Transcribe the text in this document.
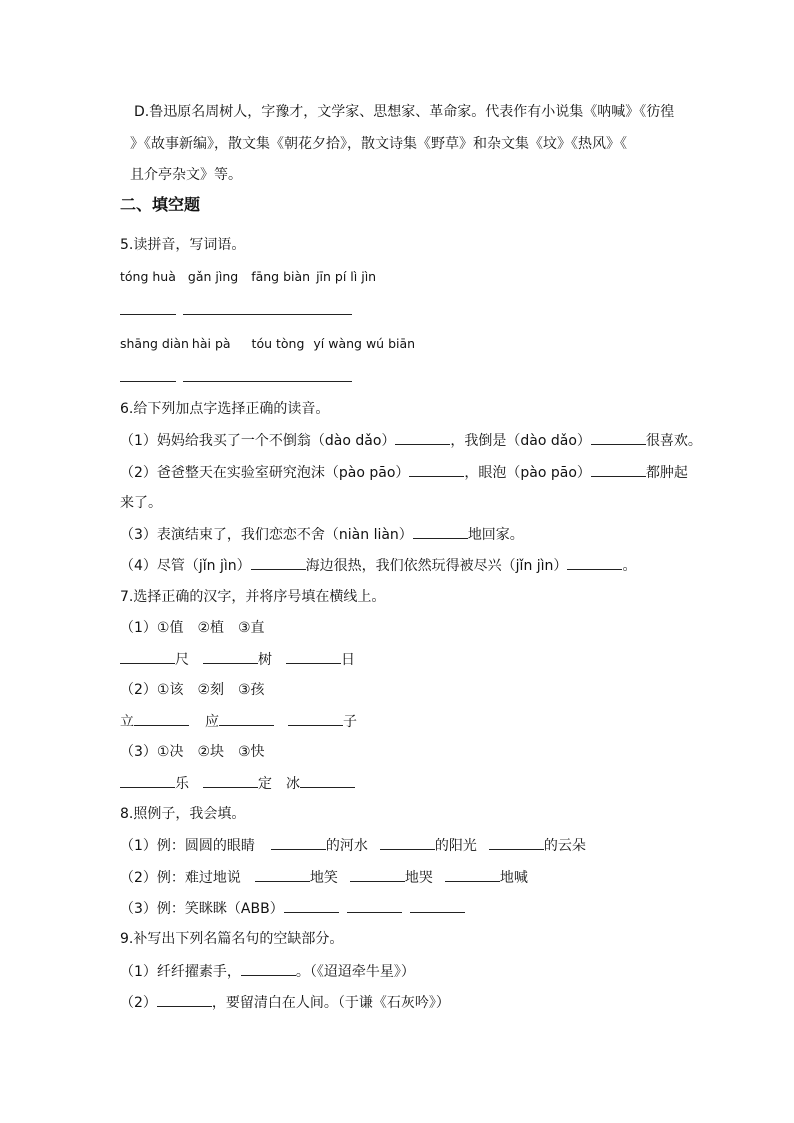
D.鲁迅原名周树人，字豫才，文学家、思想家、革命家。代表作有小说集《呐喊》《彷徨
》《故事新编》，散文集《朝花夕拾》，散文诗集《野草》和杂文集《坟》《热风》《
且介亭杂文》等。
二、填空题
5.读拼音，写词语。
tóng huà gǎn jìng fāng biàn jīn pí lì jìn
shāng diàn hài pà tóu tòng yí wàng wú biān
6.给下列加点字选择正确的读音。
（1）妈妈给我买了一个不倒翁（dào dǎo）	，我倒是（dào dǎo）	很喜欢。
（2）爸爸整天在实验室研究泡沫（pào pāo）	，眼泡（pào pāo）	都肿起
来了。
（3）表演结束了，我们恋恋不舍（niàn liàn）	地回家。
（4）尽管（jǐn jìn）	海边很热，我们依然玩得被尽兴（jǐn jìn）	。
7.选择正确的汉字，并将序号填在横线上。
（1）①值　②植　③直
尺	树	日
（2）①该　②刻　③孩
立	应	子
（3）①决　②块　③快
乐	定 冰
8.照例子，我会填。
（1）例：圆圆的眼睛	的河水	的阳光	的云朵
（2）例：难过地说	地笑	地哭	地喊
（3）例：笑眯眯（ABB）
9.补写出下列名篇名句的空缺部分。
（1）纤纤擢素手，	。（《迢迢牵牛星》）
（2）	，要留清白在人间。（于谦《石灰吟》）
